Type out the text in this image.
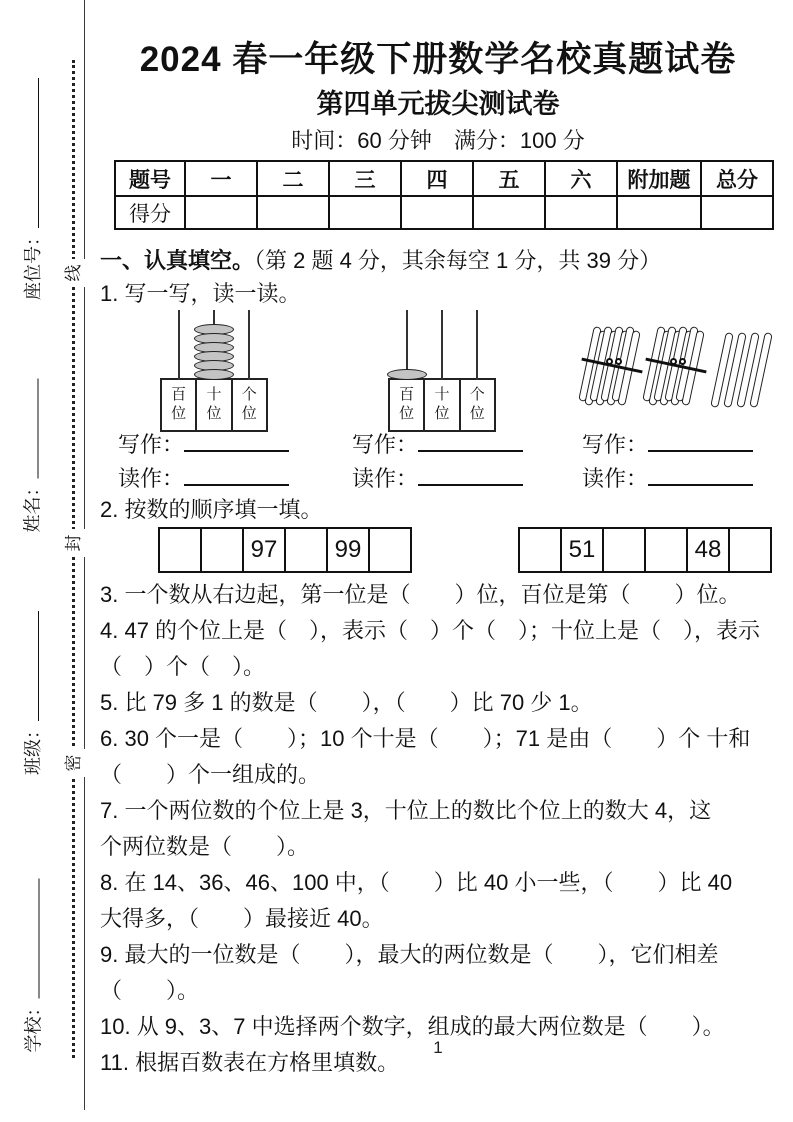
线
封
密
座位号：
姓名：
班级：
学校：
2024 春一年级下册数学名校真题试卷
第四单元拔尖测试卷
时间：60 分钟　满分：100 分
题号	一	二	三	四	五	六	附加题	总分
得分								
一、认真填空。（第 2 题 4 分，其余每空 1 分，共 39 分）
1. 写一写，读一读。
百位
十位
个位
百位
十位
个位
写作：
读作：
写作：
读作：
写作：
读作：
2. 按数的顺序填一填。
		97		99	
		51			48	
3. 一个数从右边起，第一位是（　　）位，百位是第（　　）位。
4. 47 的个位上是（　），表示（　）个（　）；十位上是（　），表示
（　）个（　）。
5. 比 79 多 1 的数是（　　），（　　）比 70 少 1。
6. 30 个一是（　　）；10 个十是（　　）；71 是由（　　）个 十和
（　　）个一组成的。
7. 一个两位数的个位上是 3，十位上的数比个位上的数大 4，这
个两位数是（　　）。
8. 在 14、36、46、100 中，（　　）比 40 小一些，（　　）比 40
大得多，（　　）最接近 40。
9. 最大的一位数是（　　），最大的两位数是（　　），它们相差
（　　）。
10. 从 9、3、7 中选择两个数字，组成的最大两位数是（　　）。
11. 根据百数表在方格里填数。
1
